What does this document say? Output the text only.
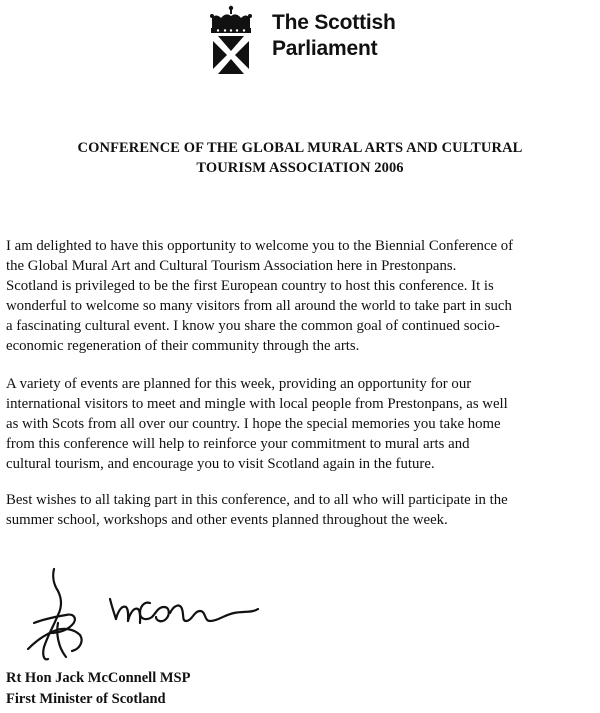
The Scottish
Parliament
CONFERENCE OF THE GLOBAL MURAL ARTS AND CULTURAL
TOURISM ASSOCIATION 2006
I am delighted to have this opportunity to welcome you to the Biennial Conference of
the Global Mural Art and Cultural Tourism Association here in Prestonpans.
Scotland is privileged to be the first European country to host this conference. It is
wonderful to welcome so many visitors from all around the world to take part in such
a fascinating cultural event. I know you share the common goal of continued socio-
economic regeneration of their community through the arts.
A variety of events are planned for this week, providing an opportunity for our
international visitors to meet and mingle with local people from Prestonpans, as well
as with Scots from all over our country. I hope the special memories you take home
from this conference will help to reinforce your commitment to mural arts and
cultural tourism, and encourage you to visit Scotland again in the future.
Best wishes to all taking part in this conference, and to all who will participate in the
summer school, workshops and other events planned throughout the week.
Rt Hon Jack McConnell MSP
First Minister of Scotland
